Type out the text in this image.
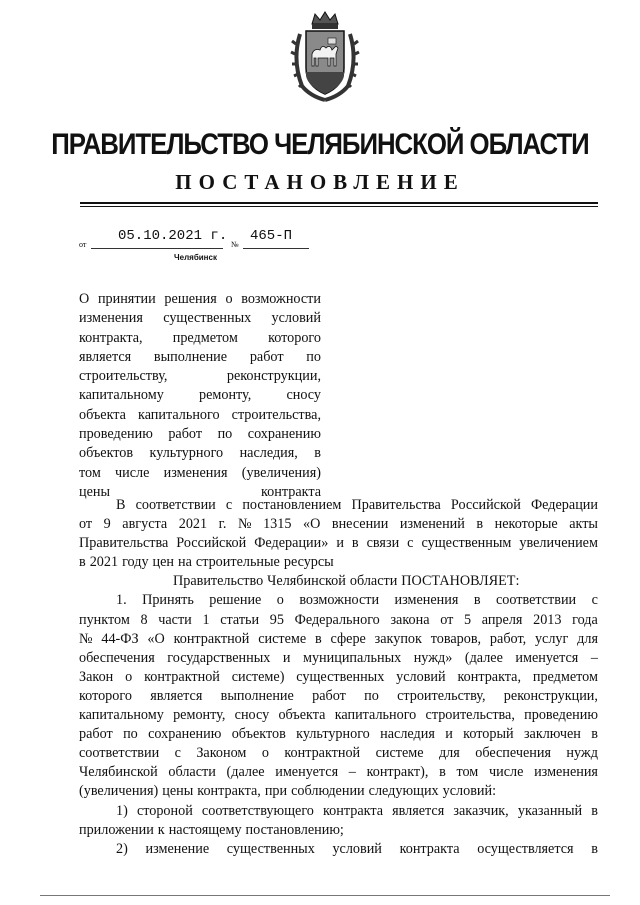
ПРАВИТЕЛЬСТВО ЧЕЛЯБИНСКОЙ ОБЛАСТИ
ПОСТАНОВЛЕНИЕ
от
05.10.2021 г.
№
465-П
Челябинск
О принятии решения о возможности
изменения существенных условий
контракта, предметом которого
является выполнение работ по
строительству,	реконструкции,
капитальному ремонту, сносу
объекта капитального строительства,
проведению работ по сохранению
объектов культурного наследия, в
том числе изменения (увеличения)
цены	контракта
В соответствии с постановлением Правительства Российской Федерации
от 9 августа 2021 г. № 1315 «О внесении изменений в некоторые акты
Правительства Российской Федерации» и в связи с существенным увеличением
в 2021 году цен на строительные ресурсы
Правительство Челябинской области ПОСТАНОВЛЯЕТ:
1. Принять решение о возможности изменения в соответствии с
пунктом 8 части 1 статьи 95 Федерального закона от 5 апреля 2013 года
№ 44-ФЗ «О контрактной системе в сфере закупок товаров, работ, услуг для
обеспечения государственных и муниципальных нужд» (далее именуется –
Закон о контрактной системе) существенных условий контракта, предметом
которого является выполнение работ по строительству, реконструкции,
капитальному ремонту, сносу объекта капитального строительства, проведению
работ по сохранению объектов культурного наследия и который заключен в
соответствии с Законом о контрактной системе для обеспечения нужд
Челябинской области (далее именуется – контракт), в том числе изменения
(увеличения) цены контракта, при соблюдении следующих условий:
1) стороной соответствующего контракта является заказчик, указанный в
приложении к настоящему постановлению;
2) изменение существенных условий контракта осуществляется в
